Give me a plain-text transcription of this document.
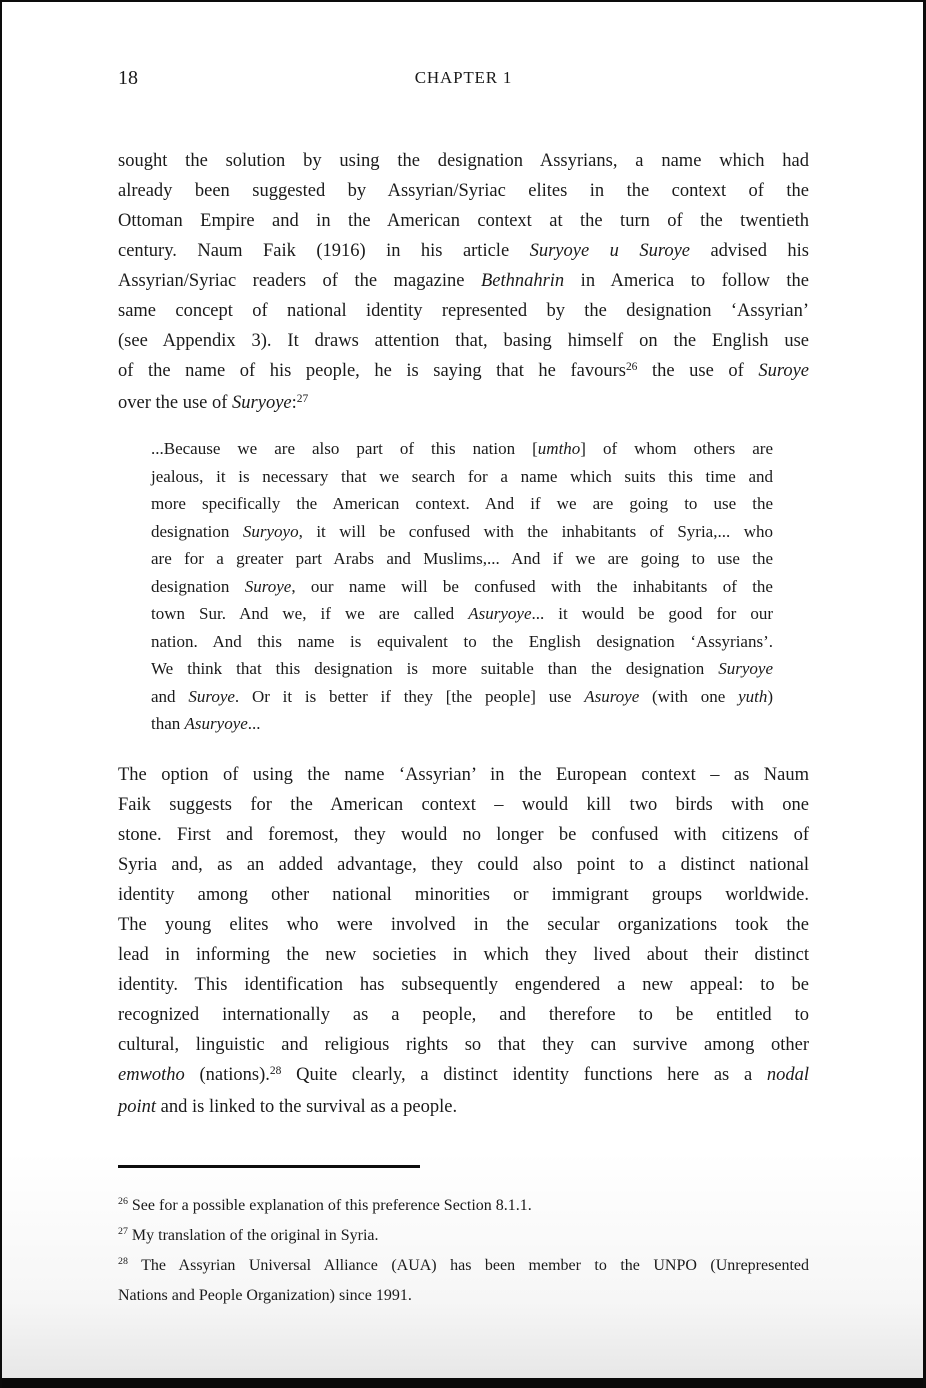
18	CHAPTER 1
sought the solution by using the designation Assyrians, a name which had
already been suggested by Assyrian/Syriac elites in the context of the
Ottoman Empire and in the American context at the turn of the twentieth
century. Naum Faik (1916) in his article Suryoye u Suroye advised his
Assyrian/Syriac readers of the magazine Bethnahrin in America to follow the
same concept of national identity represented by the designation ‘Assyrian’
(see Appendix 3). It draws attention that, basing himself on the English use
of the name of his people, he is saying that he favours$^{26}$ the use of Suroye
over the use of Suryoye:$^{27}$
...Because we are also part of this nation [umtho] of whom others are
jealous, it is necessary that we search for a name which suits this time and
more specifically the American context. And if we are going to use the
designation Suryoyo, it will be confused with the inhabitants of Syria,... who
are for a greater part Arabs and Muslims,... And if we are going to use the
designation Suroye, our name will be confused with the inhabitants of the
town Sur. And we, if we are called Asuryoye... it would be good for our
nation. And this name is equivalent to the English designation ‘Assyrians’.
We think that this designation is more suitable than the designation Suryoye
and Suroye. Or it is better if they [the people] use Asuroye (with one yuth)
than Asuryoye...
The option of using the name ‘Assyrian’ in the European context – as Naum
Faik suggests for the American context – would kill two birds with one
stone. First and foremost, they would no longer be confused with citizens of
Syria and, as an added advantage, they could also point to a distinct national
identity among other national minorities or immigrant groups worldwide.
The young elites who were involved in the secular organizations took the
lead in informing the new societies in which they lived about their distinct
identity. This identification has subsequently engendered a new appeal: to be
recognized internationally as a people, and therefore to be entitled to
cultural, linguistic and religious rights so that they can survive among other
emwotho (nations).$^{28}$ Quite clearly, a distinct identity functions here as a nodal
point and is linked to the survival as a people.
$^{26}$ See for a possible explanation of this preference Section 8.1.1.
$^{27}$ My translation of the original in Syria.
$^{28}$ The Assyrian Universal Alliance (AUA) has been member to the UNPO (Unrepresented
Nations and People Organization) since 1991.
